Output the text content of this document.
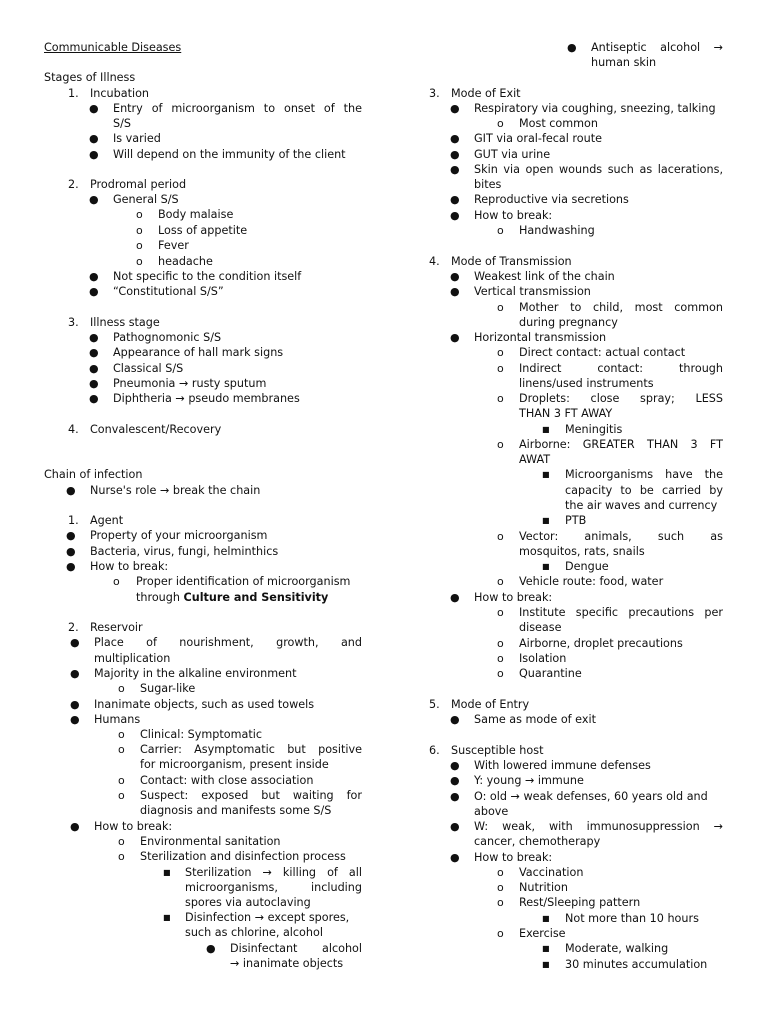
Communicable Diseases
Stages of Illness
1. Incubation
● Entry of microorganism to onset of the
S/S
● Is varied
● Will depend on the immunity of the client
2. Prodromal period
● General S/S
o Body malaise
o Loss of appetite
o Fever
o headache
● Not specific to the condition itself
● “Constitutional S/S”
3. Illness stage
● Pathognomonic S/S
● Appearance of hall mark signs
● Classical S/S
● Pneumonia → rusty sputum
● Diphtheria → pseudo membranes
4. Convalescent/Recovery
Chain of infection
● Nurse's role → break the chain
1. Agent
● Property of your microorganism
● Bacteria, virus, fungi, helminthics
● How to break:
o Proper identification of microorganism
through Culture and Sensitivity
2. Reservoir
● Place of nourishment, growth, and
multiplication
● Majority in the alkaline environment
o Sugar-like
● Inanimate objects, such as used towels
● Humans
o Clinical: Symptomatic
o Carrier: Asymptomatic but positive
for microorganism, present inside
o Contact: with close association
o Suspect: exposed but waiting for
diagnosis and manifests some S/S
● How to break:
o Environmental sanitation
o Sterilization and disinfection process
■ Sterilization → killing of all
microorganisms, including
spores via autoclaving
■ Disinfection → except spores,
such as chlorine, alcohol
● Disinfectant alcohol
→ inanimate objects
● Antiseptic alcohol →
human skin
3. Mode of Exit
● Respiratory via coughing, sneezing, talking
o Most common
● GIT via oral-fecal route
● GUT via urine
● Skin via open wounds such as lacerations,
bites
● Reproductive via secretions
● How to break:
o Handwashing
4. Mode of Transmission
● Weakest link of the chain
● Vertical transmission
o Mother to child, most common
during pregnancy
● Horizontal transmission
o Direct contact: actual contact
o Indirect contact: through
linens/used instruments
o Droplets: close spray; LESS
THAN 3 FT AWAY
■ Meningitis
o Airborne: GREATER THAN 3 FT
AWAT
■ Microorganisms have the
capacity to be carried by
the air waves and currency
■ PTB
o Vector: animals, such as
mosquitos, rats, snails
■ Dengue
o Vehicle route: food, water
● How to break:
o Institute specific precautions per
disease
o Airborne, droplet precautions
o Isolation
o Quarantine
5. Mode of Entry
● Same as mode of exit
6. Susceptible host
● With lowered immune defenses
● Y: young → immune
● O: old → weak defenses, 60 years old and
above
● W: weak, with immunosuppression →
cancer, chemotherapy
● How to break:
o Vaccination
o Nutrition
o Rest/Sleeping pattern
■ Not more than 10 hours
o Exercise
■ Moderate, walking
■ 30 minutes accumulation
